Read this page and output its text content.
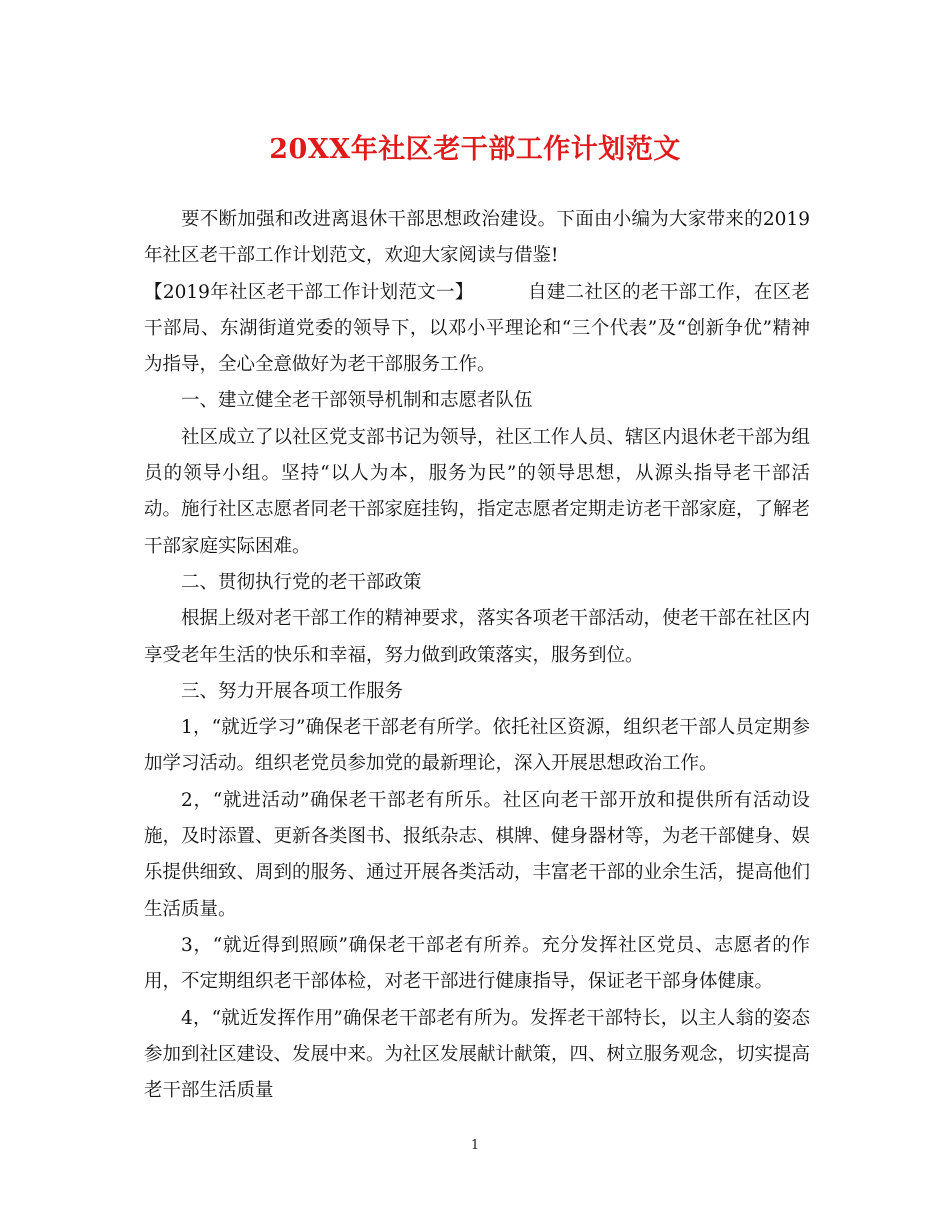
20XX年社区老干部工作计划范文

要不断加强和改进离退休干部思想政治建设。下面由小编为大家带来的2019年社区老干部工作计划范文，欢迎大家阅读与借鉴!

【2019年社区老干部工作计划范文一】	自建二社区的老干部工作，在区老干部局、东湖街道党委的领导下，以邓小平理论和“三个代表”及“创新争优”精神为指导，全心全意做好为老干部服务工作。

一、建立健全老干部领导机制和志愿者队伍

社区成立了以社区党支部书记为领导，社区工作人员、辖区内退休老干部为组员的领导小组。坚持“以人为本，服务为民”的领导思想，从源头指导老干部活动。施行社区志愿者同老干部家庭挂钩，指定志愿者定期走访老干部家庭，了解老干部家庭实际困难。

二、贯彻执行党的老干部政策

根据上级对老干部工作的精神要求，落实各项老干部活动，使老干部在社区内享受老年生活的快乐和幸福，努力做到政策落实，服务到位。

三、努力开展各项工作服务

1，“就近学习”确保老干部老有所学。依托社区资源，组织老干部人员定期参加学习活动。组织老党员参加党的最新理论，深入开展思想政治工作。

2，“就进活动”确保老干部老有所乐。社区向老干部开放和提供所有活动设施，及时添置、更新各类图书、报纸杂志、棋牌、健身器材等，为老干部健身、娱乐提供细致、周到的服务、通过开展各类活动，丰富老干部的业余生活，提高他们生活质量。

3，“就近得到照顾”确保老干部老有所养。充分发挥社区党员、志愿者的作用，不定期组织老干部体检，对老干部进行健康指导，保证老干部身体健康。

4，“就近发挥作用”确保老干部老有所为。发挥老干部特长，以主人翁的姿态参加到社区建设、发展中来。为社区发展献计献策，四、树立服务观念，切实提高老干部生活质量

1
